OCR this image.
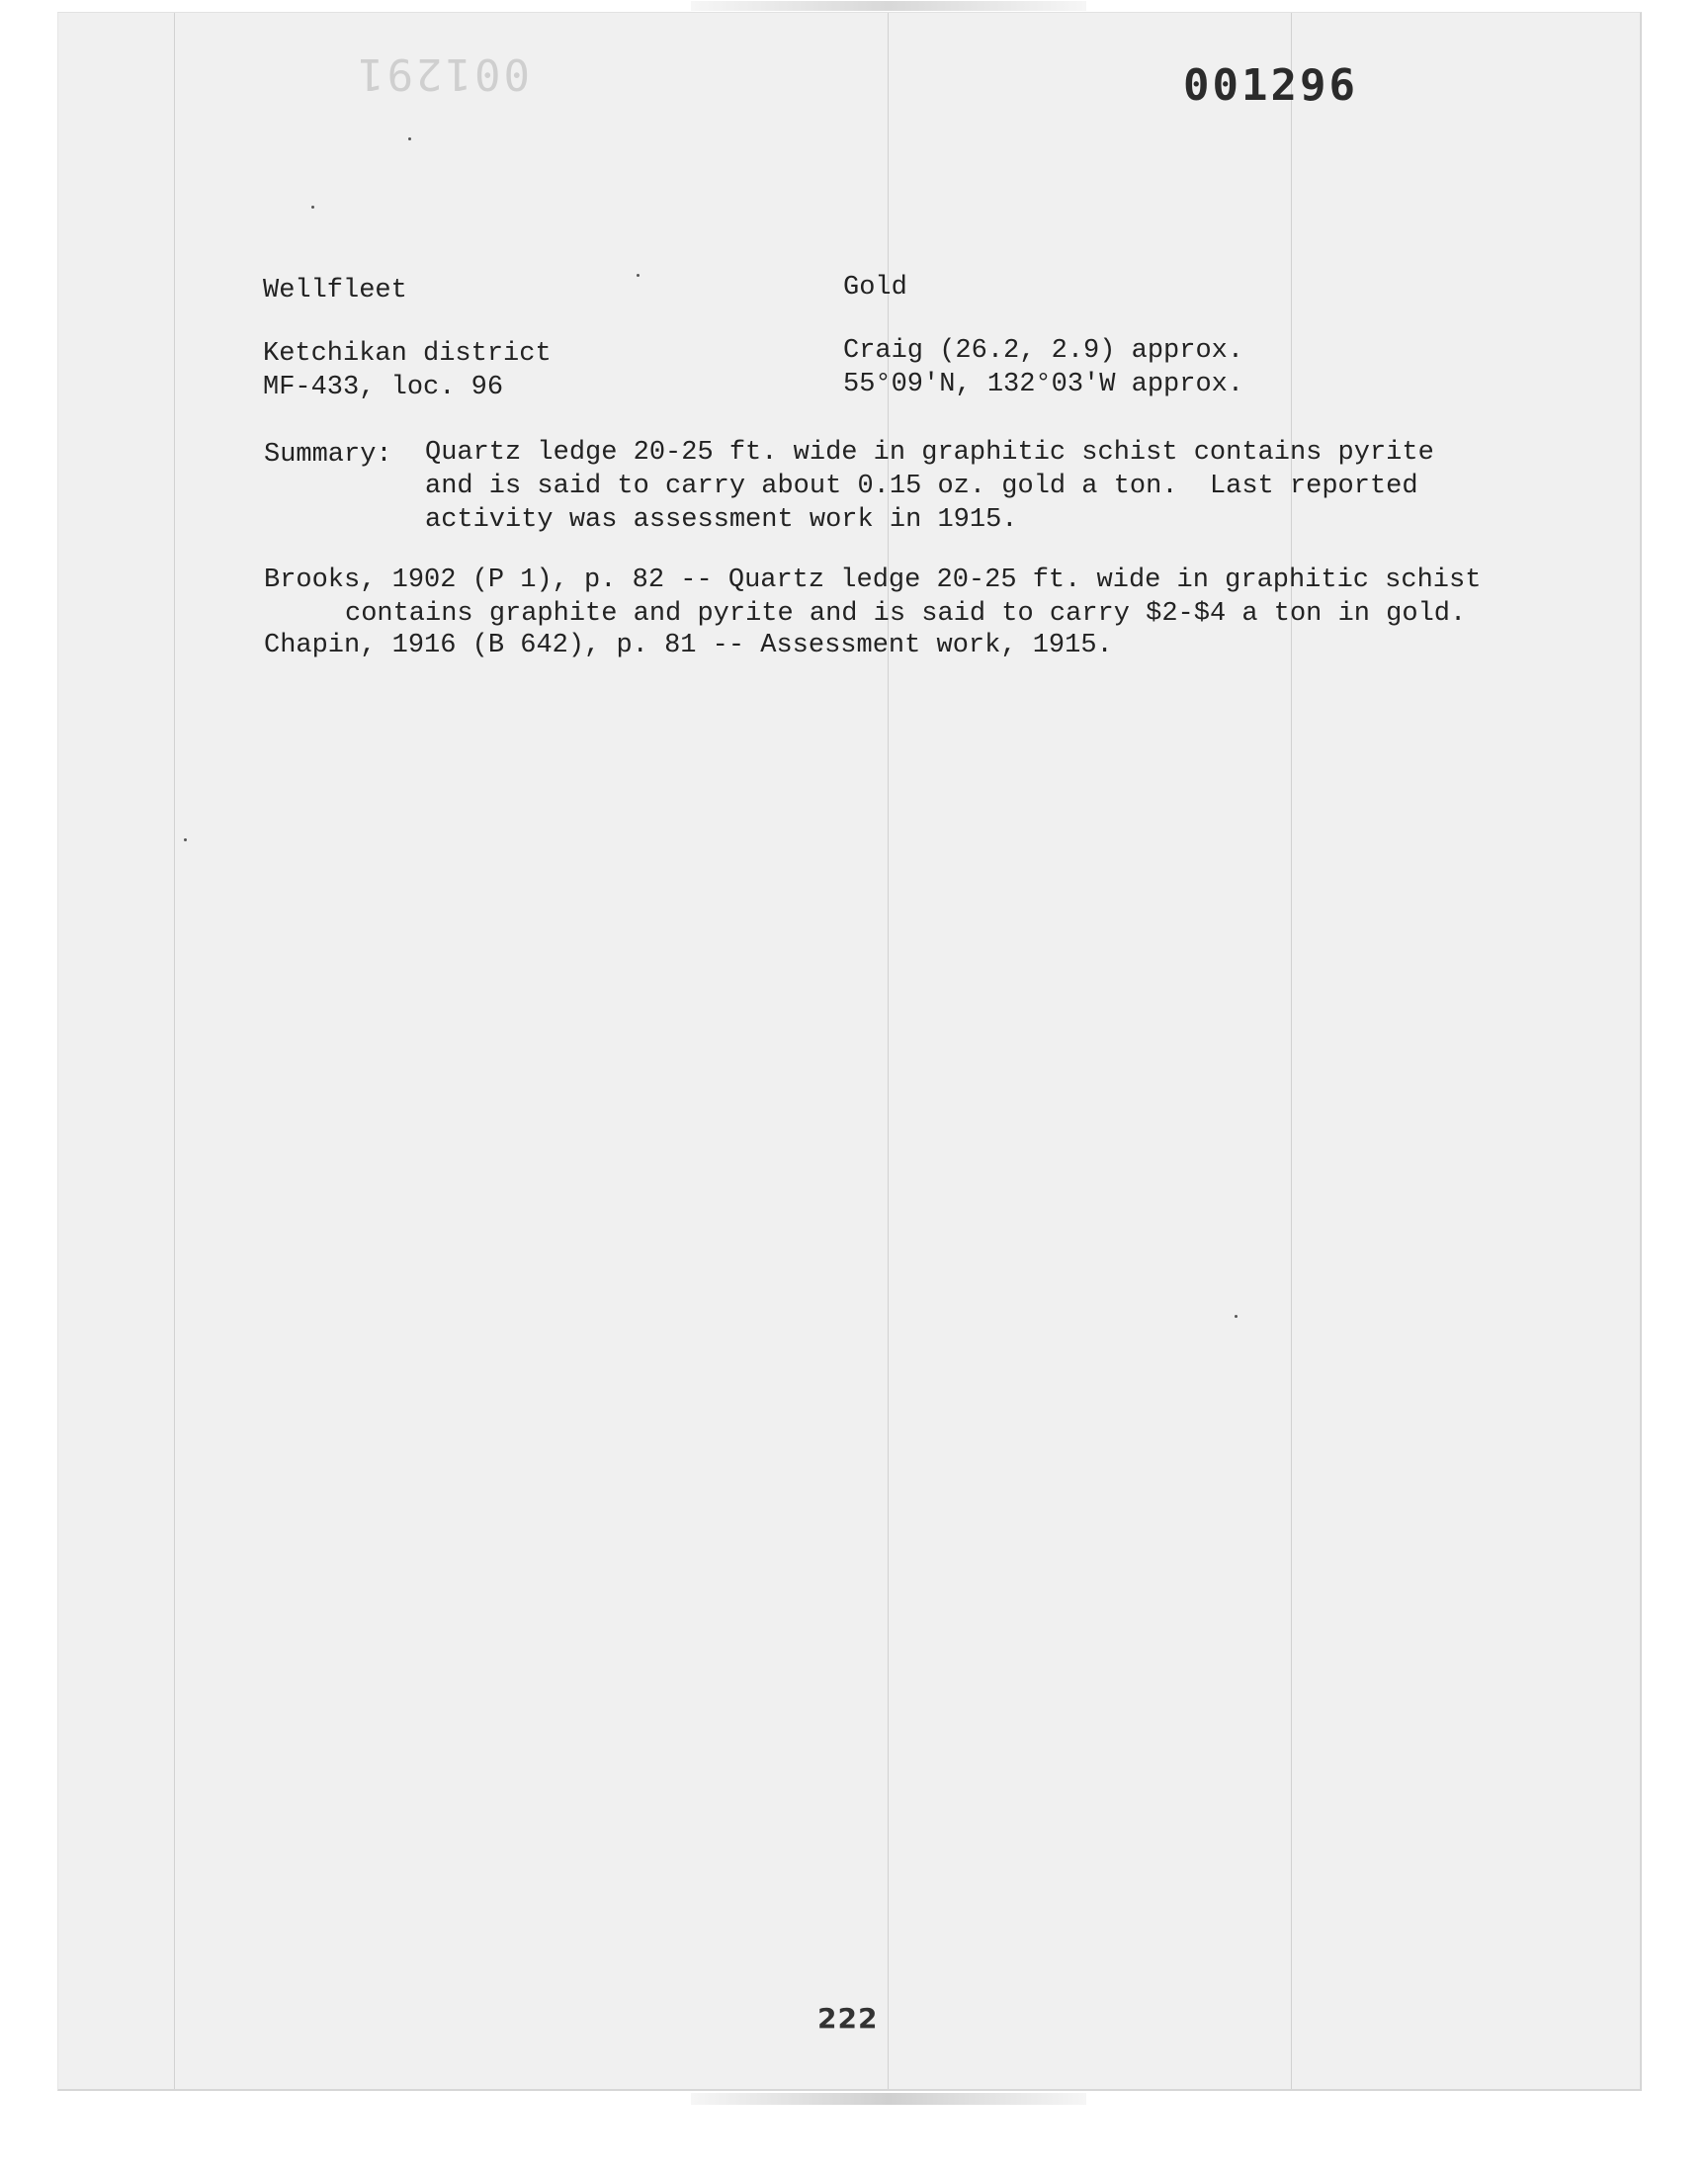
001291	001296
Wellfleet	Gold
Ketchikan district	Craig (26.2, 2.9) approx.
MF-433, loc. 96	55°09'N, 132°03'W approx.
Summary: Quartz ledge 20-25 ft. wide in graphitic schist contains pyrite
and is said to carry about 0.15 oz. gold a ton.  Last reported
activity was assessment work in 1915.
Brooks, 1902 (P 1), p. 82 -- Quartz ledge 20-25 ft. wide in graphitic schist
contains graphite and pyrite and is said to carry $2-$4 a ton in gold.
Chapin, 1916 (B 642), p. 81 -- Assessment work, 1915.
222
